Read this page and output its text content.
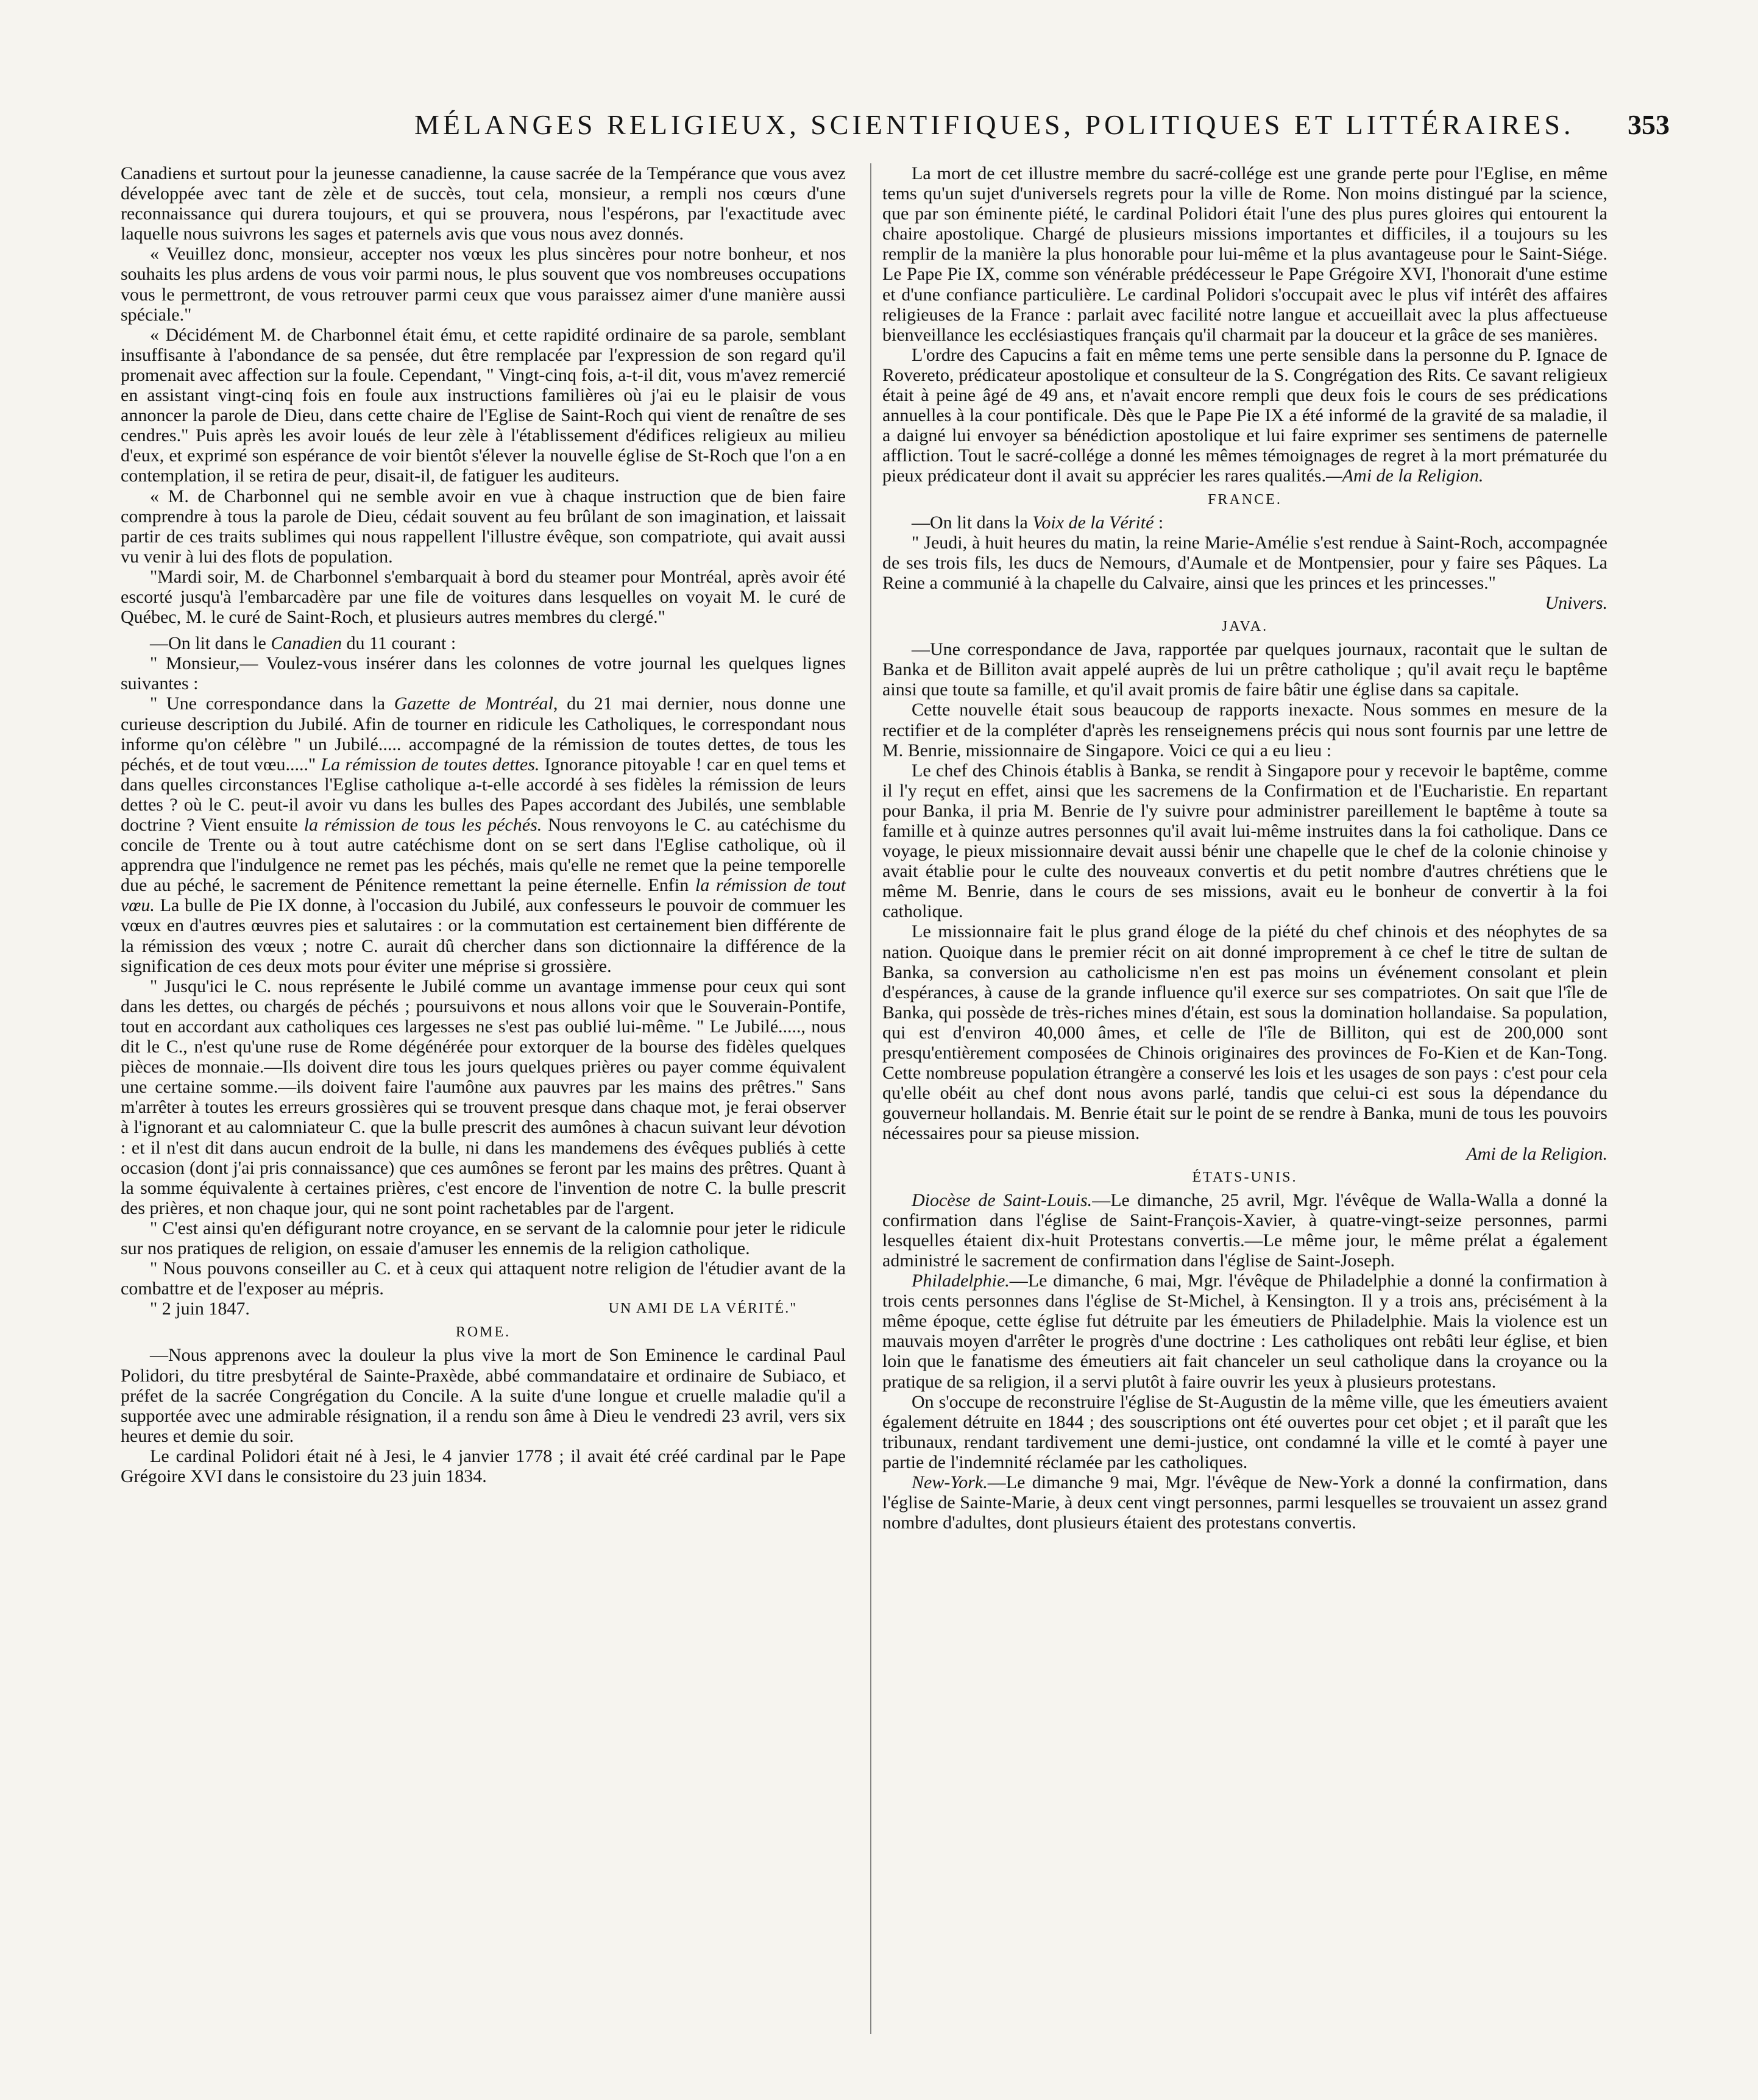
MÉLANGES RELIGIEUX, SCIENTIFIQUES, POLITIQUES ET LITTÉRAIRES. 353

Canadiens et surtout pour la jeunesse canadienne, la cause sacrée de la Tempérance que vous avez développée avec tant de zèle et de succès, tout cela, monsieur, a rempli nos cœurs d'une reconnaissance qui durera toujours, et qui se prouvera, nous l'espérons, par l'exactitude avec laquelle nous suivrons les sages et paternels avis que vous nous avez donnés.

« Veuillez donc, monsieur, accepter nos vœux les plus sincères pour notre bonheur, et nos souhaits les plus ardens de vous voir parmi nous, le plus souvent que vos nombreuses occupations vous le permettront, de vous retrouver parmi ceux que vous paraissez aimer d'une manière aussi spéciale."

« Décidément M. de Charbonnel était ému, et cette rapidité ordinaire de sa parole, semblant insuffisante à l'abondance de sa pensée, dut être remplacée par l'expression de son regard qu'il promenait avec affection sur la foule. Cependant, " Vingt-cinq fois, a-t-il dit, vous m'avez remercié en assistant vingt-cinq fois en foule aux instructions familières où j'ai eu le plaisir de vous annoncer la parole de Dieu, dans cette chaire de l'Eglise de Saint-Roch qui vient de renaître de ses cendres." Puis après les avoir loués de leur zèle à l'établissement d'édifices religieux au milieu d'eux, et exprimé son espérance de voir bientôt s'élever la nouvelle église de St-Roch que l'on a en contemplation, il se retira de peur, disait-il, de fatiguer les auditeurs.

« M. de Charbonnel qui ne semble avoir en vue à chaque instruction que de bien faire comprendre à tous la parole de Dieu, cédait souvent au feu brûlant de son imagination, et laissait partir de ces traits sublimes qui nous rappellent l'illustre évêque, son compatriote, qui avait aussi vu venir à lui des flots de population.

"Mardi soir, M. de Charbonnel s'embarquait à bord du steamer pour Montréal, après avoir été escorté jusqu'à l'embarcadère par une file de voitures dans lesquelles on voyait M. le curé de Québec, M. le curé de Saint-Roch, et plusieurs autres membres du clergé."

—On lit dans le Canadien du 11 courant :

" Monsieur,— Voulez-vous insérer dans les colonnes de votre journal les quelques lignes suivantes :

" Une correspondance dans la Gazette de Montréal, du 21 mai dernier, nous donne une curieuse description du Jubilé. Afin de tourner en ridicule les Catholiques, le correspondant nous informe qu'on célèbre " un Jubilé..... accompagné de la rémission de toutes dettes, de tous les péchés, et de tout vœu....." La rémission de toutes dettes. Ignorance pitoyable ! car en quel tems et dans quelles circonstances l'Eglise catholique a-t-elle accordé à ses fidèles la rémission de leurs dettes ? où le C. peut-il avoir vu dans les bulles des Papes accordant des Jubilés, une semblable doctrine ? Vient ensuite la rémission de tous les péchés. Nous renvoyons le C. au catéchisme du concile de Trente ou à tout autre catéchisme dont on se sert dans l'Eglise catholique, où il apprendra que l'indulgence ne remet pas les péchés, mais qu'elle ne remet que la peine temporelle due au péché, le sacrement de Pénitence remettant la peine éternelle. Enfin la rémission de tout vœu. La bulle de Pie IX donne, à l'occasion du Jubilé, aux confesseurs le pouvoir de commuer les vœux en d'autres œuvres pies et salutaires : or la commutation est certainement bien différente de la rémission des vœux ; notre C. aurait dû chercher dans son dictionnaire la différence de la signification de ces deux mots pour éviter une méprise si grossière.

" Jusqu'ici le C. nous représente le Jubilé comme un avantage immense pour ceux qui sont dans les dettes, ou chargés de péchés ; poursuivons et nous allons voir que le Souverain-Pontife, tout en accordant aux catholiques ces largesses ne s'est pas oublié lui-même. " Le Jubilé....., nous dit le C., n'est qu'une ruse de Rome dégénérée pour extorquer de la bourse des fidèles quelques pièces de monnaie.—Ils doivent dire tous les jours quelques prières ou payer comme équivalent une certaine somme.—ils doivent faire l'aumône aux pauvres par les mains des prêtres." Sans m'arrêter à toutes les erreurs grossières qui se trouvent presque dans chaque mot, je ferai observer à l'ignorant et au calomniateur C. que la bulle prescrit des aumônes à chacun suivant leur dévotion : et il n'est dit dans aucun endroit de la bulle, ni dans les mandemens des évêques publiés à cette occasion (dont j'ai pris connaissance) que ces aumônes se feront par les mains des prêtres. Quant à la somme équivalente à certaines prières, c'est encore de l'invention de notre C. la bulle prescrit des prières, et non chaque jour, qui ne sont point rachetables par de l'argent.

" C'est ainsi qu'en défigurant notre croyance, en se servant de la calomnie pour jeter le ridicule sur nos pratiques de religion, on essaie d'amuser les ennemis de la religion catholique.

" Nous pouvons conseiller au C. et à ceux qui attaquent notre religion de l'étudier avant de la combattre et de l'exposer au mépris.

" 2 juin 1847.	UN AMI DE LA VÉRITÉ."

ROME.

—Nous apprenons avec la douleur la plus vive la mort de Son Eminence le cardinal Paul Polidori, du titre presbytéral de Sainte-Praxède, abbé commandataire et ordinaire de Subiaco, et préfet de la sacrée Congrégation du Concile. A la suite d'une longue et cruelle maladie qu'il a supportée avec une admirable résignation, il a rendu son âme à Dieu le vendredi 23 avril, vers six heures et demie du soir.

Le cardinal Polidori était né à Jesi, le 4 janvier 1778 ; il avait été créé cardinal par le Pape Grégoire XVI dans le consistoire du 23 juin 1834.

La mort de cet illustre membre du sacré-collége est une grande perte pour l'Eglise, en même tems qu'un sujet d'universels regrets pour la ville de Rome. Non moins distingué par la science, que par son éminente piété, le cardinal Polidori était l'une des plus pures gloires qui entourent la chaire apostolique. Chargé de plusieurs missions importantes et difficiles, il a toujours su les remplir de la manière la plus honorable pour lui-même et la plus avantageuse pour le Saint-Siége. Le Pape Pie IX, comme son vénérable prédécesseur le Pape Grégoire XVI, l'honorait d'une estime et d'une confiance particulière. Le cardinal Polidori s'occupait avec le plus vif intérêt des affaires religieuses de la France : parlait avec facilité notre langue et accueillait avec la plus affectueuse bienveillance les ecclésiastiques français qu'il charmait par la douceur et la grâce de ses manières.

L'ordre des Capucins a fait en même tems une perte sensible dans la personne du P. Ignace de Rovereto, prédicateur apostolique et consulteur de la S. Congrégation des Rits. Ce savant religieux était à peine âgé de 49 ans, et n'avait encore rempli que deux fois le cours de ses prédications annuelles à la cour pontificale. Dès que le Pape Pie IX a été informé de la gravité de sa maladie, il a daigné lui envoyer sa bénédiction apostolique et lui faire exprimer ses sentimens de paternelle affliction. Tout le sacré-collége a donné les mêmes témoignages de regret à la mort prématurée du pieux prédicateur dont il avait su apprécier les rares qualités.—Ami de la Religion.

FRANCE.

—On lit dans la Voix de la Vérité :

" Jeudi, à huit heures du matin, la reine Marie-Amélie s'est rendue à Saint-Roch, accompagnée de ses trois fils, les ducs de Nemours, d'Aumale et de Montpensier, pour y faire ses Pâques. La Reine a communié à la chapelle du Calvaire, ainsi que les princes et les princesses."

Univers.

JAVA.

—Une correspondance de Java, rapportée par quelques journaux, racontait que le sultan de Banka et de Billiton avait appelé auprès de lui un prêtre catholique ; qu'il avait reçu le baptême ainsi que toute sa famille, et qu'il avait promis de faire bâtir une église dans sa capitale.

Cette nouvelle était sous beaucoup de rapports inexacte. Nous sommes en mesure de la rectifier et de la compléter d'après les renseignemens précis qui nous sont fournis par une lettre de M. Benrie, missionnaire de Singapore. Voici ce qui a eu lieu :

Le chef des Chinois établis à Banka, se rendit à Singapore pour y recevoir le baptême, comme il l'y reçut en effet, ainsi que les sacremens de la Confirmation et de l'Eucharistie. En repartant pour Banka, il pria M. Benrie de l'y suivre pour administrer pareillement le baptême à toute sa famille et à quinze autres personnes qu'il avait lui-même instruites dans la foi catholique. Dans ce voyage, le pieux missionnaire devait aussi bénir une chapelle que le chef de la colonie chinoise y avait établie pour le culte des nouveaux convertis et du petit nombre d'autres chrétiens que le même M. Benrie, dans le cours de ses missions, avait eu le bonheur de convertir à la foi catholique.

Le missionnaire fait le plus grand éloge de la piété du chef chinois et des néophytes de sa nation. Quoique dans le premier récit on ait donné improprement à ce chef le titre de sultan de Banka, sa conversion au catholicisme n'en est pas moins un événement consolant et plein d'espérances, à cause de la grande influence qu'il exerce sur ses compatriotes. On sait que l'île de Banka, qui possède de très-riches mines d'étain, est sous la domination hollandaise. Sa population, qui est d'environ 40,000 âmes, et celle de l'île de Billiton, qui est de 200,000 sont presqu'entièrement composées de Chinois originaires des provinces de Fo-Kien et de Kan-Tong. Cette nombreuse population étrangère a conservé les lois et les usages de son pays : c'est pour cela qu'elle obéit au chef dont nous avons parlé, tandis que celui-ci est sous la dépendance du gouverneur hollandais. M. Benrie était sur le point de se rendre à Banka, muni de tous les pouvoirs nécessaires pour sa pieuse mission.

Ami de la Religion.

ÉTATS-UNIS.

Diocèse de Saint-Louis.—Le dimanche, 25 avril, Mgr. l'évêque de Walla-Walla a donné la confirmation dans l'église de Saint-François-Xavier, à quatre-vingt-seize personnes, parmi lesquelles étaient dix-huit Protestans convertis.—Le même jour, le même prélat a également administré le sacrement de confirmation dans l'église de Saint-Joseph.

Philadelphie.—Le dimanche, 6 mai, Mgr. l'évêque de Philadelphie a donné la confirmation à trois cents personnes dans l'église de St-Michel, à Kensington. Il y a trois ans, précisément à la même époque, cette église fut détruite par les émeutiers de Philadelphie. Mais la violence est un mauvais moyen d'arrêter le progrès d'une doctrine : Les catholiques ont rebâti leur église, et bien loin que le fanatisme des émeutiers ait fait chanceler un seul catholique dans la croyance ou la pratique de sa religion, il a servi plutôt à faire ouvrir les yeux à plusieurs protestans.

On s'occupe de reconstruire l'église de St-Augustin de la même ville, que les émeutiers avaient également détruite en 1844 ; des souscriptions ont été ouvertes pour cet objet ; et il paraît que les tribunaux, rendant tardivement une demi-justice, ont condamné la ville et le comté à payer une partie de l'indemnité réclamée par les catholiques.

New-York.—Le dimanche 9 mai, Mgr. l'évêque de New-York a donné la confirmation, dans l'église de Sainte-Marie, à deux cent vingt personnes, parmi lesquelles se trouvaient un assez grand nombre d'adultes, dont plusieurs étaient des protestans convertis.
